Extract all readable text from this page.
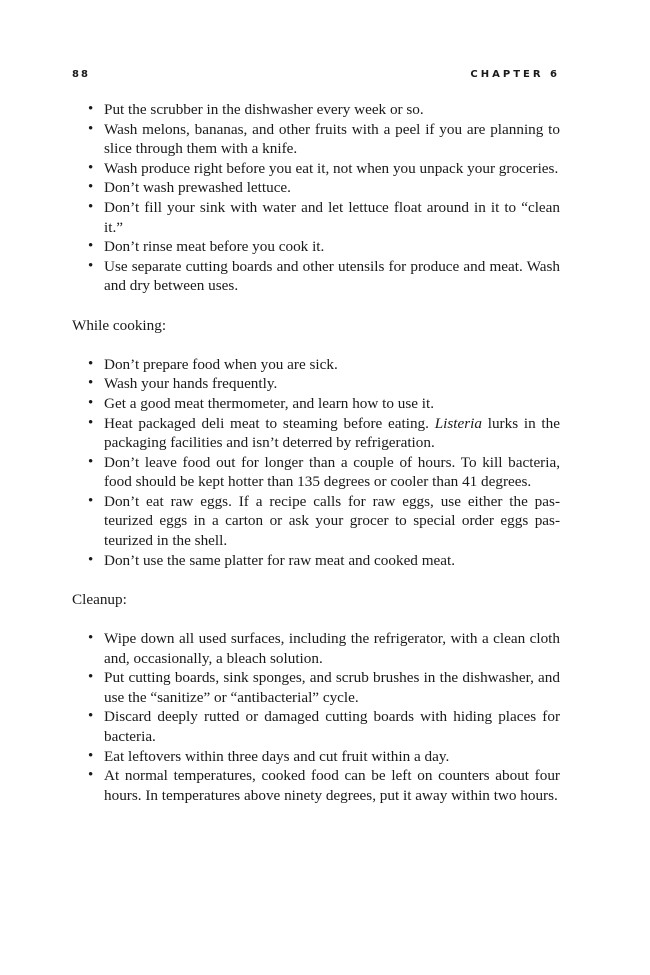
88	CHAPTER 6
• Put the scrubber in the dishwasher every week or so.
• Wash melons, bananas, and other fruits with a peel if you are planning to slice through them with a knife.
• Wash produce right before you eat it, not when you unpack your groceries.
• Don’t wash prewashed lettuce.
• Don’t fill your sink with water and let lettuce float around in it to “clean it.”
• Don’t rinse meat before you cook it.
• Use separate cutting boards and other utensils for produce and meat. Wash and dry between uses.

While cooking:

• Don’t prepare food when you are sick.
• Wash your hands frequently.
• Get a good meat thermometer, and learn how to use it.
• Heat packaged deli meat to steaming before eating. Listeria lurks in the packaging facilities and isn’t deterred by refrigeration.
• Don’t leave food out for longer than a couple of hours. To kill bacteria, food should be kept hotter than 135 degrees or cooler than 41 degrees.
• Don’t eat raw eggs. If a recipe calls for raw eggs, use either the pasteurized eggs in a carton or ask your grocer to special order eggs pasteurized in the shell.
• Don’t use the same platter for raw meat and cooked meat.

Cleanup:

• Wipe down all used surfaces, including the refrigerator, with a clean cloth and, occasionally, a bleach solution.
• Put cutting boards, sink sponges, and scrub brushes in the dishwasher, and use the “sanitize” or “antibacterial” cycle.
• Discard deeply rutted or damaged cutting boards with hiding places for bacteria.
• Eat leftovers within three days and cut fruit within a day.
• At normal temperatures, cooked food can be left on counters about four hours. In temperatures above ninety degrees, put it away within two hours.
